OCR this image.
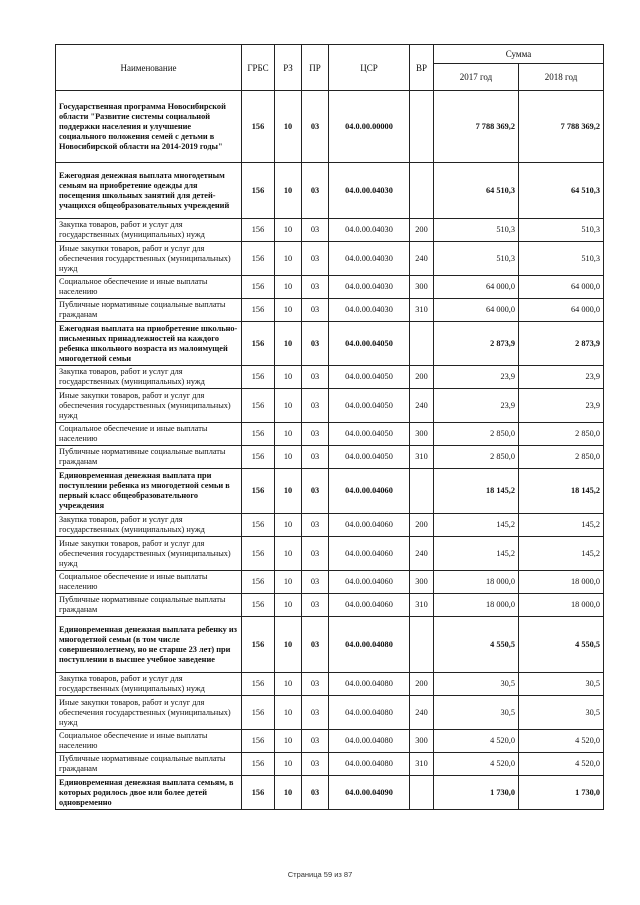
Наименование	ГРБС	РЗ	ПР	ЦСР	ВР	Сумма	
						2017 год	2018 год
Государственная программа Новосибирской области "Развитие системы социальной поддержки населения и улучшение социального положения семей с детьми в Новосибирской области на 2014-2019 годы"	156	10	03	04.0.00.00000		7 788 369,2	7 788 369,2
Ежегодная денежная выплата многодетным семьям на приобретение одежды для посещения школьных занятий для детей-учащихся общеобразовательных учреждений	156	10	03	04.0.00.04030		64 510,3	64 510,3
Закупка товаров, работ и услуг для государственных (муниципальных) нужд	156	10	03	04.0.00.04030	200	510,3	510,3
Иные закупки товаров, работ и услуг для обеспечения государственных (муниципальных) нужд	156	10	03	04.0.00.04030	240	510,3	510,3
Социальное обеспечение и иные выплаты населению	156	10	03	04.0.00.04030	300	64 000,0	64 000,0
Публичные нормативные социальные выплаты гражданам	156	10	03	04.0.00.04030	310	64 000,0	64 000,0
Ежегодная выплата на приобретение школьно-письменных принадлежностей на каждого ребенка школьного возраста из малоимущей многодетной семьи	156	10	03	04.0.00.04050		2 873,9	2 873,9
Закупка товаров, работ и услуг для государственных (муниципальных) нужд	156	10	03	04.0.00.04050	200	23,9	23,9
Иные закупки товаров, работ и услуг для обеспечения государственных (муниципальных) нужд	156	10	03	04.0.00.04050	240	23,9	23,9
Социальное обеспечение и иные выплаты населению	156	10	03	04.0.00.04050	300	2 850,0	2 850,0
Публичные нормативные социальные выплаты гражданам	156	10	03	04.0.00.04050	310	2 850,0	2 850,0
Единовременная денежная выплата при поступлении ребенка из многодетной семьи в первый класс общеобразовательного учреждения	156	10	03	04.0.00.04060		18 145,2	18 145,2
Закупка товаров, работ и услуг для государственных (муниципальных) нужд	156	10	03	04.0.00.04060	200	145,2	145,2
Иные закупки товаров, работ и услуг для обеспечения государственных (муниципальных) нужд	156	10	03	04.0.00.04060	240	145,2	145,2
Социальное обеспечение и иные выплаты населению	156	10	03	04.0.00.04060	300	18 000,0	18 000,0
Публичные нормативные социальные выплаты гражданам	156	10	03	04.0.00.04060	310	18 000,0	18 000,0
Единовременная денежная выплата ребенку из многодетной семьи (в том числе совершеннолетнему, но не старше 23 лет) при поступлении в высшее учебное заведение	156	10	03	04.0.00.04080		4 550,5	4 550,5
Закупка товаров, работ и услуг для государственных (муниципальных) нужд	156	10	03	04.0.00.04080	200	30,5	30,5
Иные закупки товаров, работ и услуг для обеспечения государственных (муниципальных) нужд	156	10	03	04.0.00.04080	240	30,5	30,5
Социальное обеспечение и иные выплаты населению	156	10	03	04.0.00.04080	300	4 520,0	4 520,0
Публичные нормативные социальные выплаты гражданам	156	10	03	04.0.00.04080	310	4 520,0	4 520,0
Единовременная денежная выплата семьям, в которых родилось двое или более детей одновременно	156	10	03	04.0.00.04090		1 730,0	1 730,0
Страница 59 из 87
